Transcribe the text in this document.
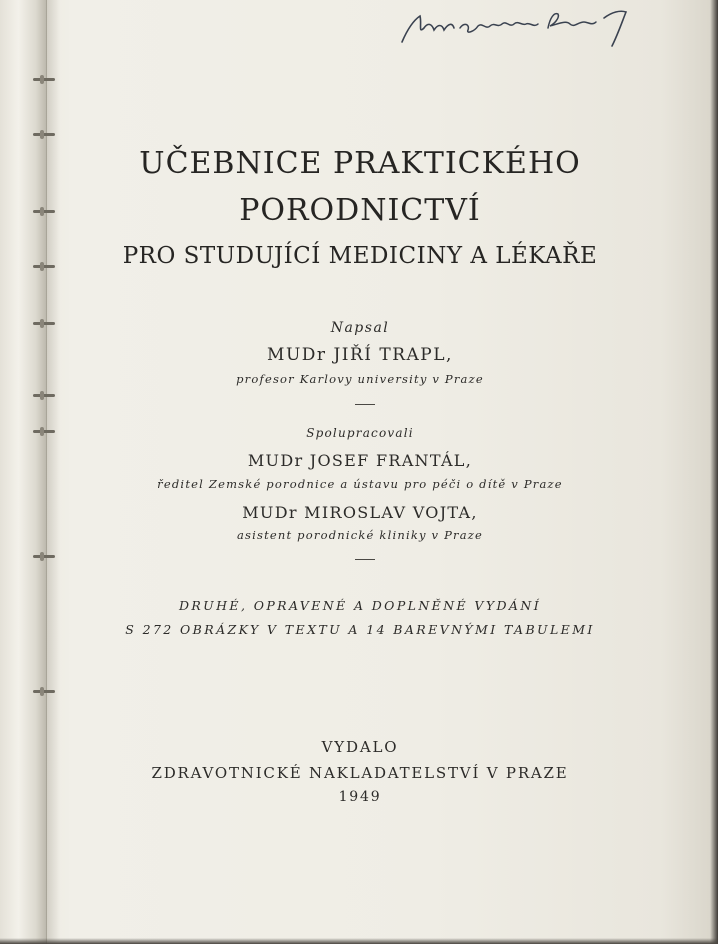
UČEBNICE PRAKTICKÉHO
PORODNICTVÍ
PRO STUDUJÍCÍ MEDICINY A LÉKAŘE
Napsal
MUDr JIŘÍ TRAPL,
profesor Karlovy university v Praze
Spolupracovali
MUDr JOSEF FRANTÁL,
ředitel Zemské porodnice a ústavu pro péči o dítě v Praze
MUDr MIROSLAV VOJTA,
asistent porodnické kliniky v Praze
DRUHÉ, OPRAVENÉ A DOPLNĚNÉ VYDÁNÍ
S 272 OBRÁZKY V TEXTU A 14 BAREVNÝMI TABULEMI
VYDALO
ZDRAVOTNICKÉ NAKLADATELSTVÍ V PRAZE
1949
